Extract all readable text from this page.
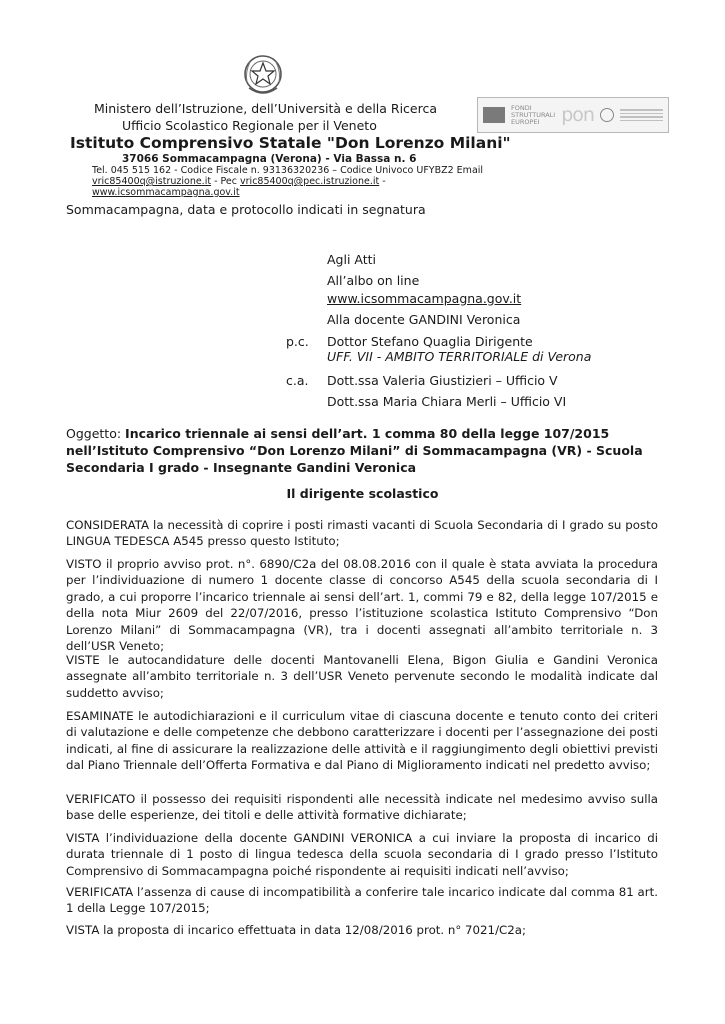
FONDI
STRUTTURALI
EUROPEI	pon
Ministero dell’Istruzione, dell’Università e della Ricerca
Ufficio Scolastico Regionale per il Veneto
Istituto Comprensivo Statale "Don Lorenzo Milani"
37066 Sommacampagna (Verona) - Via Bassa n. 6
Tel. 045 515 162 - Codice Fiscale n. 93136320236 – Codice Univoco UFYBZ2 Email
vric85400q@istruzione.it - Pec vric85400q@pec.istruzione.it -
www.icsommacampagna.gov.it
Sommacampagna, data e protocollo indicati in segnatura
Agli Atti
All’albo on line
www.icsommacampagna.gov.it
Alla docente GANDINI Veronica
p.c. Dottor Stefano Quaglia Dirigente
UFF. VII - AMBITO TERRITORIALE di Verona
c.a. Dott.ssa Valeria Giustizieri – Ufficio V
Dott.ssa Maria Chiara Merli – Ufficio VI
Oggetto: Incarico triennale ai sensi dell’art. 1 comma 80 della legge 107/2015 nell’Istituto Comprensivo “Don Lorenzo Milani” di Sommacampagna (VR) - Scuola Secondaria I grado - Insegnante Gandini Veronica
Il dirigente scolastico

CONSIDERATA la necessità di coprire i posti rimasti vacanti di Scuola Secondaria di I grado su posto LINGUA TEDESCA A545 presso questo Istituto;

VISTO il proprio avviso prot. n°. 6890/C2a del 08.08.2016 con il quale è stata avviata la procedura per l’individuazione di numero 1 docente classe di concorso A545 della scuola secondaria di I grado, a cui proporre l’incarico triennale ai sensi dell’art. 1, commi 79 e 82, della legge 107/2015 e della nota Miur 2609 del 22/07/2016, presso l’istituzione scolastica Istituto Comprensivo “Don Lorenzo Milani” di Sommacampagna (VR), tra i docenti assegnati all’ambito territoriale n. 3 dell’USR Veneto;

VISTE le autocandidature delle docenti Mantovanelli Elena, Bigon Giulia e Gandini Veronica assegnate all’ambito territoriale n. 3 dell’USR Veneto pervenute secondo le modalità indicate dal suddetto avviso;

ESAMINATE le autodichiarazioni e il curriculum vitae di ciascuna docente e tenuto conto dei criteri di valutazione e delle competenze che debbono caratterizzare i docenti per l’assegnazione dei posti indicati, al fine di assicurare la realizzazione delle attività e il raggiungimento degli obiettivi previsti dal Piano Triennale dell’Offerta Formativa e dal Piano di Miglioramento indicati nel predetto avviso;

VERIFICATO il possesso dei requisiti rispondenti alle necessità indicate nel medesimo avviso sulla base delle esperienze, dei titoli e delle attività formative dichiarate;

VISTA l’individuazione della docente GANDINI VERONICA a cui inviare la proposta di incarico di durata triennale di 1 posto di lingua tedesca della scuola secondaria di I grado presso l’Istituto Comprensivo di Sommacampagna poiché rispondente ai requisiti indicati nell’avviso;

VERIFICATA l’assenza di cause di incompatibilità a conferire tale incarico indicate dal comma 81 art. 1 della Legge 107/2015;

VISTA la proposta di incarico effettuata in data 12/08/2016 prot. n° 7021/C2a;
